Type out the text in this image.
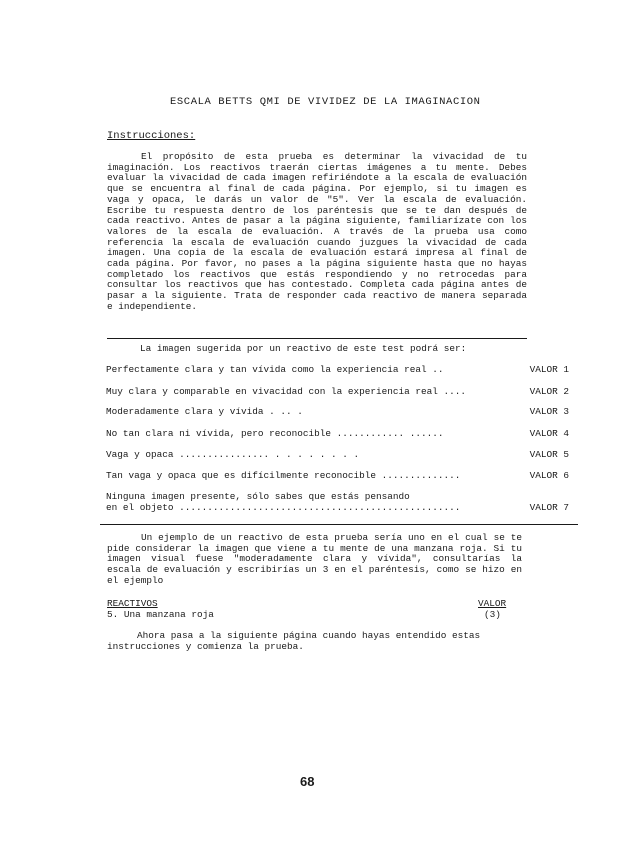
ESCALA BETTS QMI DE VIVIDEZ DE LA IMAGINACION
Instrucciones:

El propósito de esta prueba es determinar la vivacidad de tu imaginación. Los reactivos traerán ciertas imágenes a tu mente. Debes evaluar la vivacidad de cada imagen refiriéndote a la escala de evaluación que se encuentra al final de cada página. Por ejemplo, si tu imagen es vaga y opaca, le darás un valor de "5". Ver la escala de evaluación. Escribe tu respuesta dentro de los paréntesis que se te dan después de cada reactivo. Antes de pasar a la página siguiente, familiarízate con los valores de la escala de evaluación. A través de la prueba usa como referencia la escala de evaluación cuando juzgues la vivacidad de cada imagen. Una copia de la escala de evaluación estará impresa al final de cada página. Por favor, no pases a la página siguiente hasta que no hayas completado los reactivos que estás respondiendo y no retrocedas para consultar los reactivos que has contestado. Completa cada página antes de pasar a la siguiente. Trata de responder cada reactivo de manera separada e independiente.

La imagen sugerida por un reactivo de este test podrá ser:
Perfectamente clara y tan vívida como la experiencia real ..	VALOR 1
Muy clara y comparable en vivacidad con la experiencia real ....	VALOR 2
Moderadamente clara y vívida . .. .	VALOR 3
No tan clara ni vívida, pero reconocible ............ ......	VALOR 4
Vaga y opaca ................ . . . . . . . .	VALOR 5
Tan vaga y opaca que es difícilmente reconocible ..............	VALOR 6
Ninguna imagen presente, sólo sabes que estás pensando
en el objeto ..................................................	VALOR 7

Un ejemplo de un reactivo de esta prueba sería uno en el cual se te pide considerar la imagen que viene a tu mente de una manzana roja. Si tu imagen visual fuese "moderadamente clara y vívida", consultarías la escala de evaluación y escribirías un 3 en el paréntesis, como se hizo en el ejemplo

REACTIVOS	VALOR
5. Una manzana roja	(3)

Ahora pasa a la siguiente página cuando hayas entendido estas instrucciones y comienza la prueba.

68
